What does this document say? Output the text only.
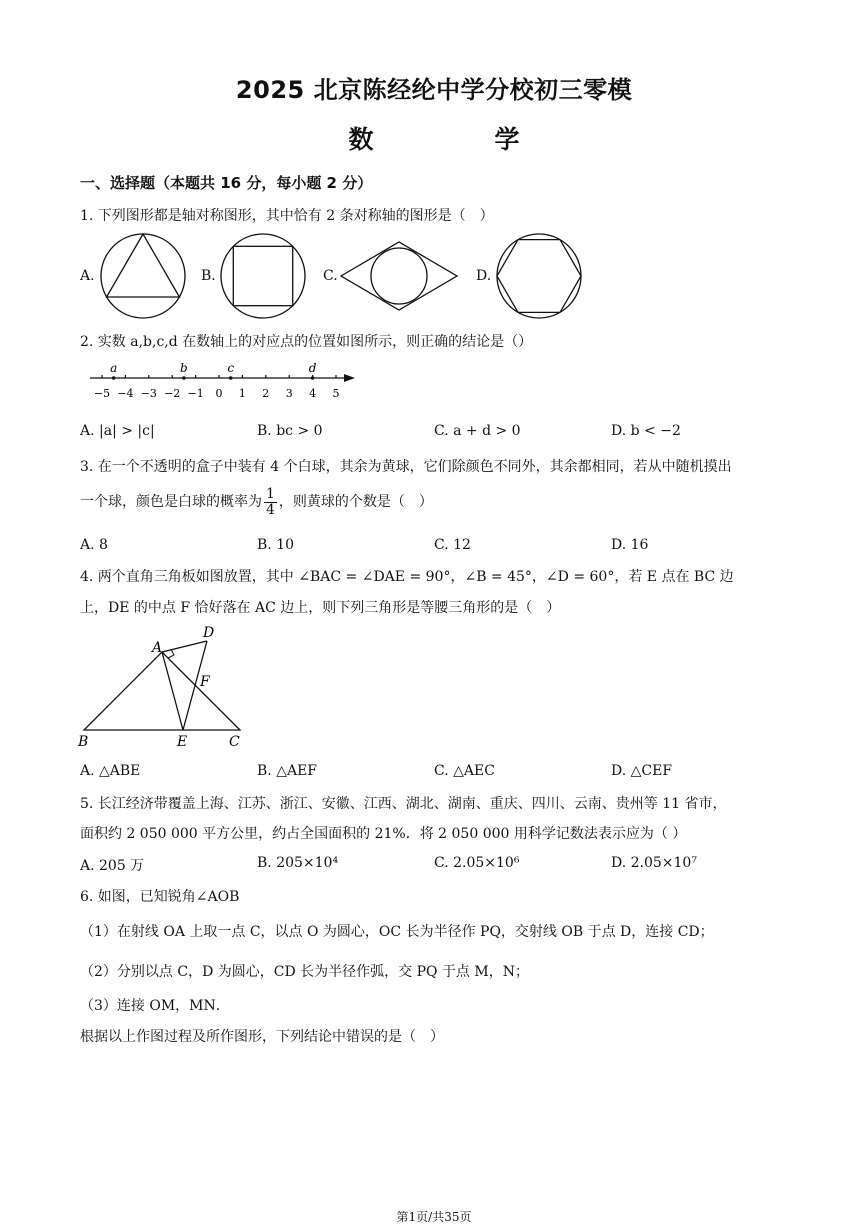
2025 北京陈经纶中学分校初三零模
数　学
一、选择题（本题共 16 分，每小题 2 分）
1. 下列图形都是轴对称图形，其中恰有 2 条对称轴的图形是（　）
A.	B.	C.	D.
2. 实数 a,b,c,d 在数轴上的对应点的位置如图所示，则正确的结论是（）
−5 −4 −3 −2 −1 0 1 2 3 4 5
a	b	c	d
A. |a| > |c|	B. bc > 0	C. a + d > 0	D. b < −2
3. 在一个不透明的盒子中装有 4 个白球，其余为黄球，它们除颜色不同外，其余都相同，若从中随机摸出
一个球，颜色是白球的概率为 $\frac{1}{4}$ ，则黄球的个数是（　）
A. 8	B. 10	C. 12	D. 16
4. 两个直角三角板如图放置，其中 ∠BAC = ∠DAE = 90°，∠B = 45°，∠D = 60°，若 E 点在 BC 边
上，DE 的中点 F 恰好落在 AC 边上，则下列三角形是等腰三角形的是（　）
A
D
F
B	E	C
A. △ABE	B. △AEF	C. △AEC	D. △CEF
5. 长江经济带覆盖上海、江苏、浙江、安徽、江西、湖北、湖南、重庆、四川、云南、贵州等 11 省市，
面积约 2 050 000 平方公里，约占全国面积的 21%．将 2 050 000 用科学记数法表示应为（ ）
A. 205 万	B. 205×10⁴	C. 2.05×10⁶	D. 2.05×10⁷
6. 如图，已知锐角∠AOB
（1）在射线 OA 上取一点 C，以点 O 为圆心，OC 长为半径作 PQ，交射线 OB 于点 D，连接 CD；
（2）分别以点 C，D 为圆心，CD 长为半径作弧，交 PQ 于点 M，N；
（3）连接 OM，MN．
根据以上作图过程及所作图形，下列结论中错误的是（　）
第1页/共35页
